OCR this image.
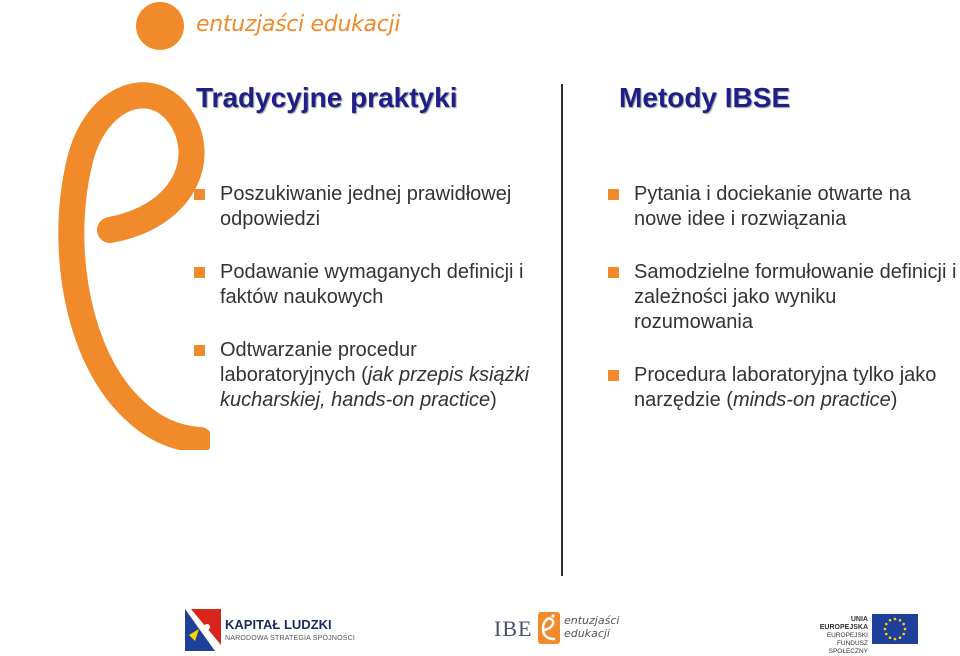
entuzjaści edukacji
Tradycyjne praktyki	Metody IBSE
Poszukiwanie jednej prawidłowej odpowiedzi
Podawanie wymaganych definicji i faktów naukowych
Odtwarzanie procedur laboratoryjnych (jak przepis książki kucharskiej, hands-on practice)
Pytania i dociekanie otwarte na nowe idee i rozwiązania
Samodzielne formułowanie definicji i zależności jako wyniku rozumowania
Procedura laboratoryjna tylko jako narzędzie (minds-on practice)
KAPITAŁ LUDZKI
NARODOWA STRATEGIA SPÓJNOŚCI	IBE	entuzjaści
edukacji
UNIA EUROPEJSKA
EUROPEJSKI
FUNDUSZ SPOŁECZNY
